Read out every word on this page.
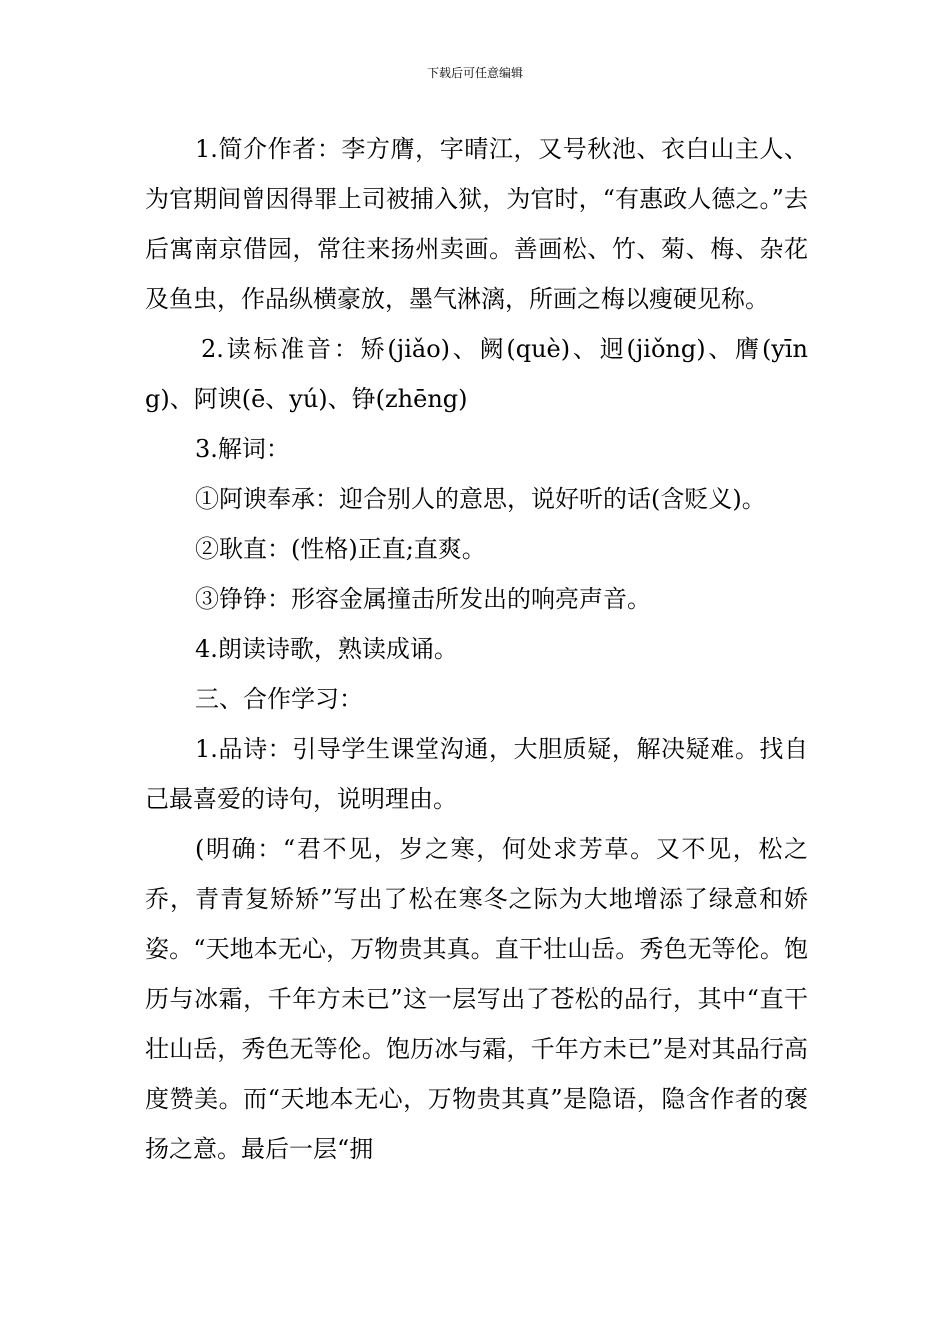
下载后可任意编辑

1.简介作者：李方膺，字晴江，又号秋池、衣白山主人、为官期间曾因得罪上司被捕入狱，为官时，“有惠政人德之。”去后寓南京借园，常往来扬州卖画。善画松、竹、菊、梅、杂花及鱼虫，作品纵横豪放，墨气淋漓，所画之梅以瘦硬见称。

2.读标准音：矫(jiǎo)、阙(què)、迥(jiǒng)、膺(yīng)、阿谀(ē、yú)、铮(zhēng)

3.解词：

①阿谀奉承：迎合别人的意思，说好听的话(含贬义)。

②耿直：(性格)正直;直爽。

③铮铮：形容金属撞击所发出的响亮声音。

4.朗读诗歌，熟读成诵。

三、合作学习：

1.品诗：引导学生课堂沟通，大胆质疑，解决疑难。找自己最喜爱的诗句，说明理由。

(明确：“君不见，岁之寒，何处求芳草。又不见，松之乔，青青复矫矫”写出了松在寒冬之际为大地增添了绿意和娇姿。“天地本无心，万物贵其真。直干壮山岳。秀色无等伦。饱历与冰霜，千年方未已”这一层写出了苍松的品行，其中“直干壮山岳，秀色无等伦。饱历冰与霜，千年方未已”是对其品行高度赞美。而“天地本无心，万物贵其真”是隐语，隐含作者的褒扬之意。最后一层“拥
